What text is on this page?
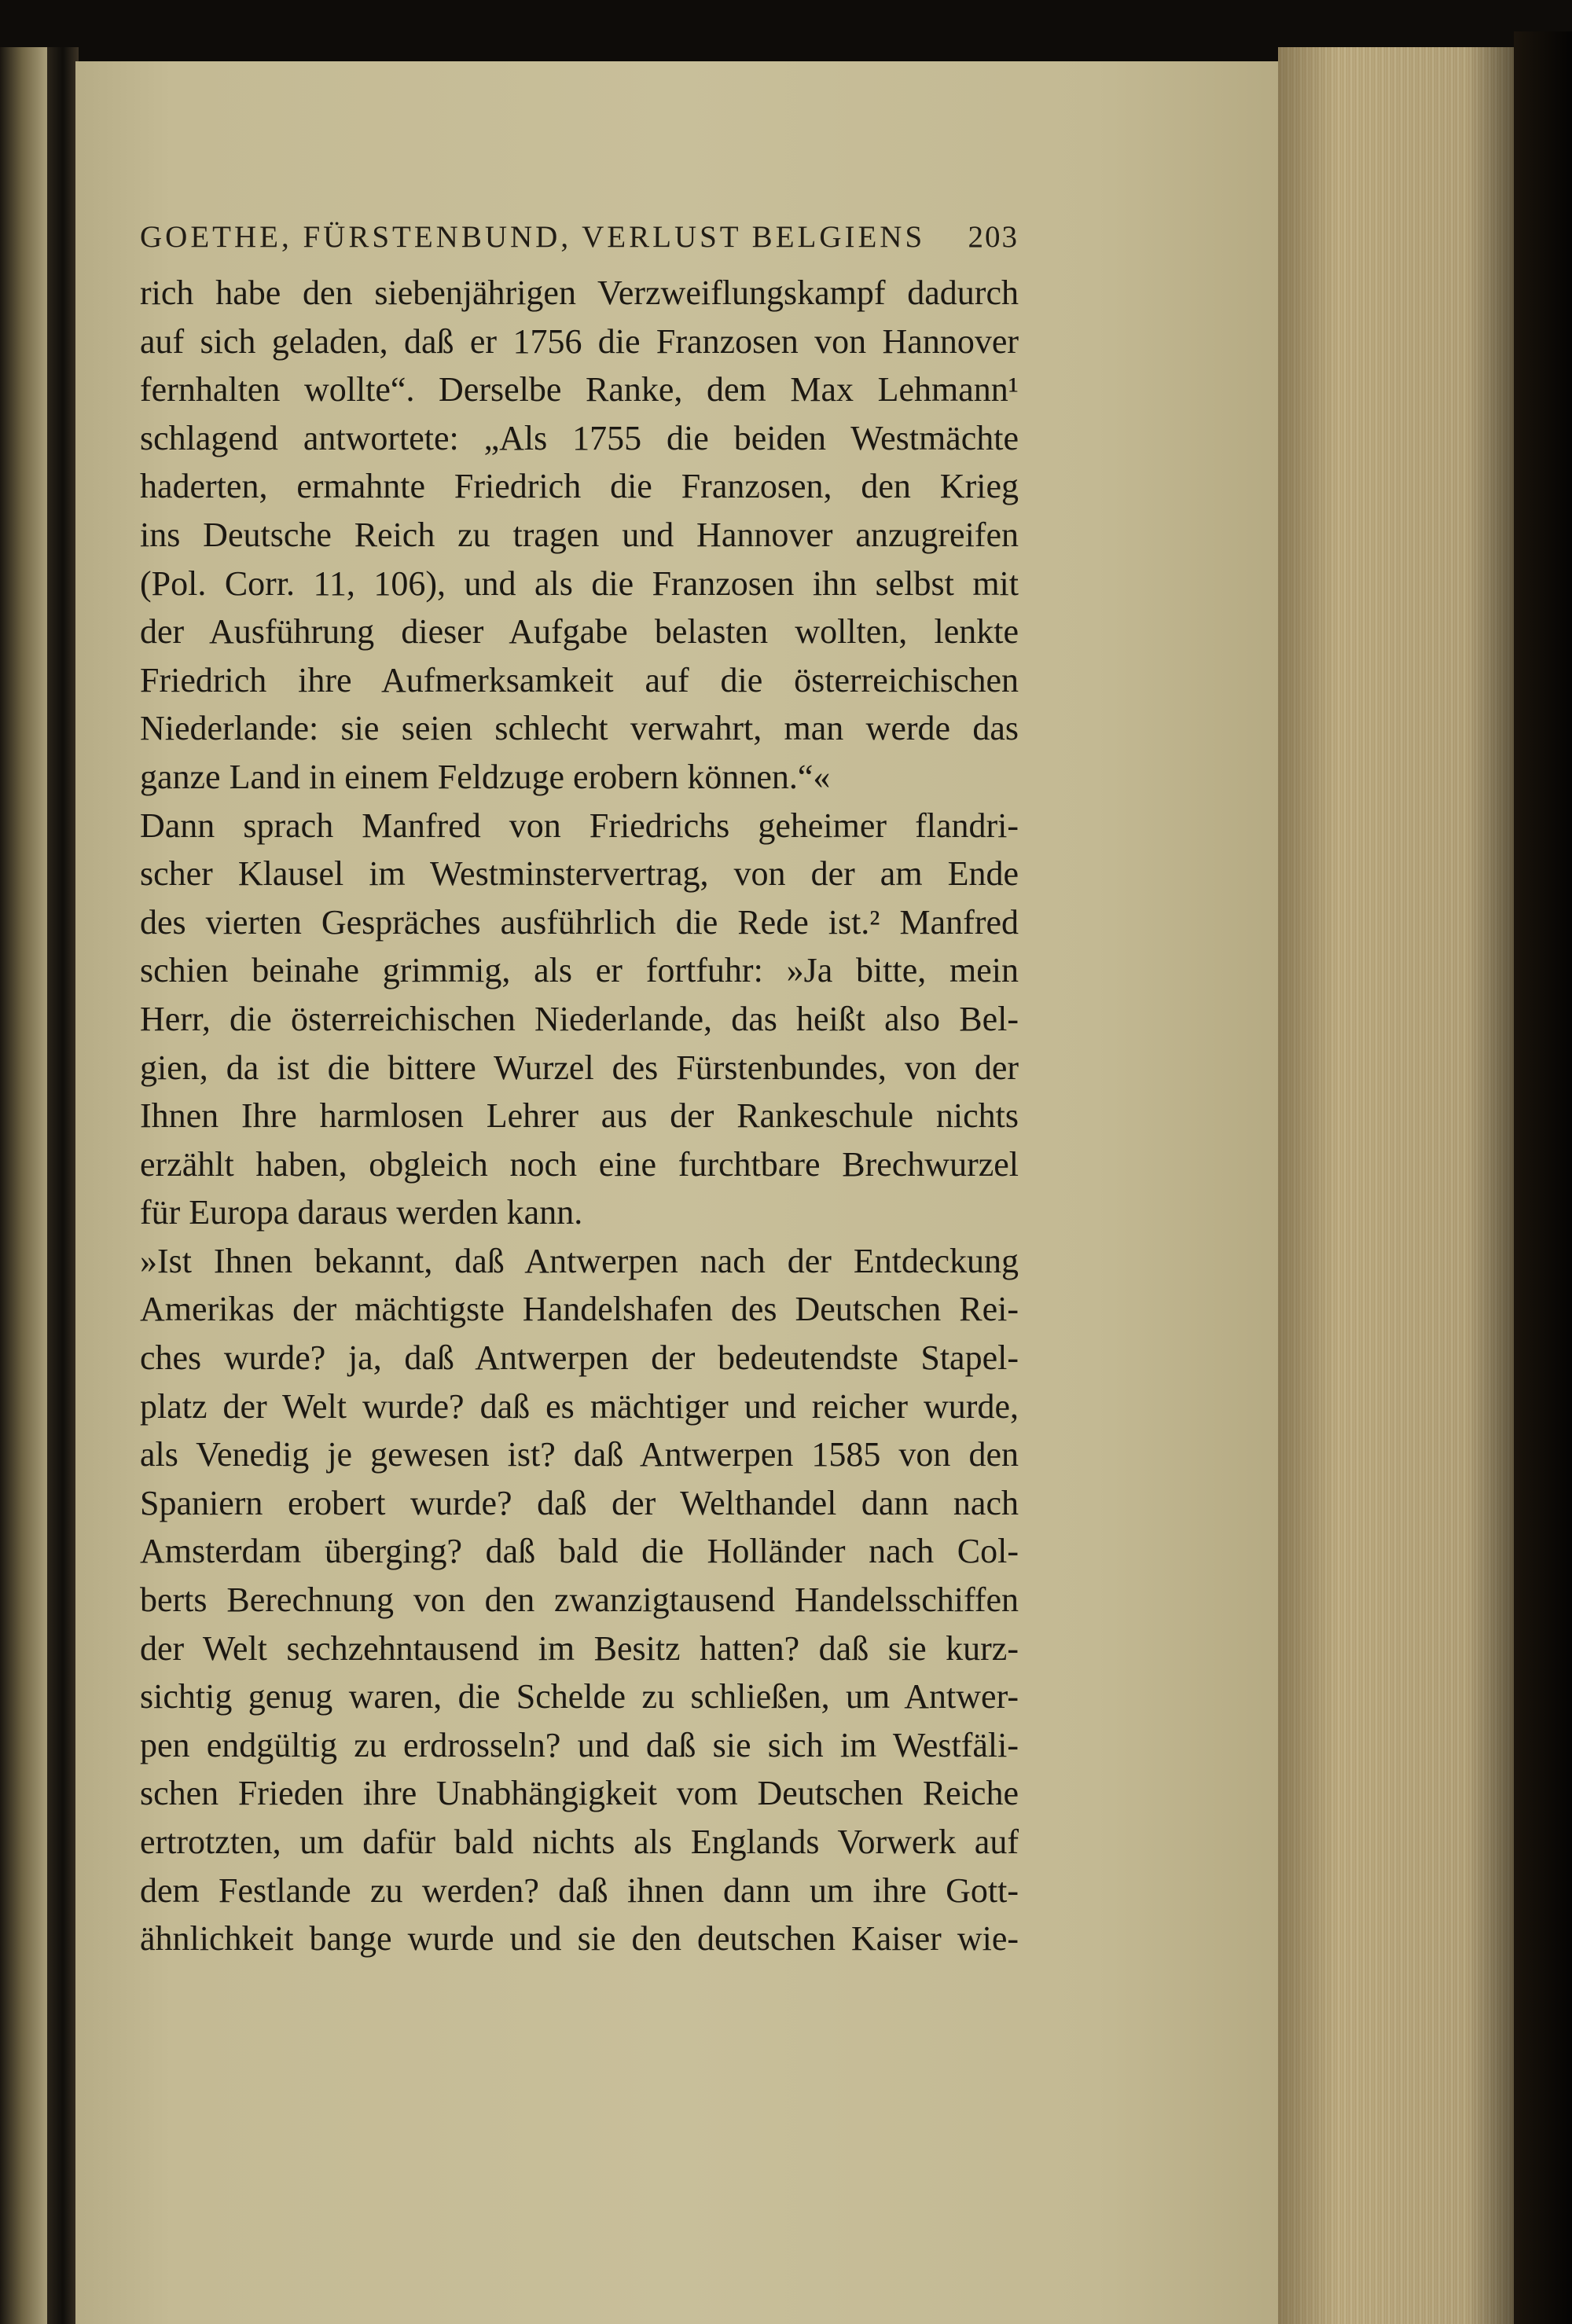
GOETHE, FÜRSTENBUND, VERLUST BELGIENS 203
rich habe den siebenjährigen Verzweiflungskampf dadurch
auf sich geladen, daß er 1756 die Franzosen von Hannover
fernhalten wollte“. Derselbe Ranke, dem Max Lehmann¹
schlagend antwortete: „Als 1755 die beiden Westmächte
haderten, ermahnte Friedrich die Franzosen, den Krieg
ins Deutsche Reich zu tragen und Hannover anzugreifen
(Pol. Corr. 11, 106), und als die Franzosen ihn selbst mit
der Ausführung dieser Aufgabe belasten wollten, lenkte
Friedrich ihre Aufmerksamkeit auf die österreichischen
Niederlande: sie seien schlecht verwahrt, man werde das
ganze Land in einem Feldzuge erobern können.“«
Dann sprach Manfred von Friedrichs geheimer flandri-
scher Klausel im Westminstervertrag, von der am Ende
des vierten Gespräches ausführlich die Rede ist.² Manfred
schien beinahe grimmig, als er fortfuhr: »Ja bitte, mein
Herr, die österreichischen Niederlande, das heißt also Bel-
gien, da ist die bittere Wurzel des Fürstenbundes, von der
Ihnen Ihre harmlosen Lehrer aus der Rankeschule nichts
erzählt haben, obgleich noch eine furchtbare Brechwurzel
für Europa daraus werden kann.
»Ist Ihnen bekannt, daß Antwerpen nach der Entdeckung
Amerikas der mächtigste Handelshafen des Deutschen Rei-
ches wurde? ja, daß Antwerpen der bedeutendste Stapel-
platz der Welt wurde? daß es mächtiger und reicher wurde,
als Venedig je gewesen ist? daß Antwerpen 1585 von den
Spaniern erobert wurde? daß der Welthandel dann nach
Amsterdam überging? daß bald die Holländer nach Col-
berts Berechnung von den zwanzigtausend Handelsschiffen
der Welt sechzehntausend im Besitz hatten? daß sie kurz-
sichtig genug waren, die Schelde zu schließen, um Antwer-
pen endgültig zu erdrosseln? und daß sie sich im Westfäli-
schen Frieden ihre Unabhängigkeit vom Deutschen Reiche
ertrotzten, um dafür bald nichts als Englands Vorwerk auf
dem Festlande zu werden? daß ihnen dann um ihre Gott-
ähnlichkeit bange wurde und sie den deutschen Kaiser wie-
